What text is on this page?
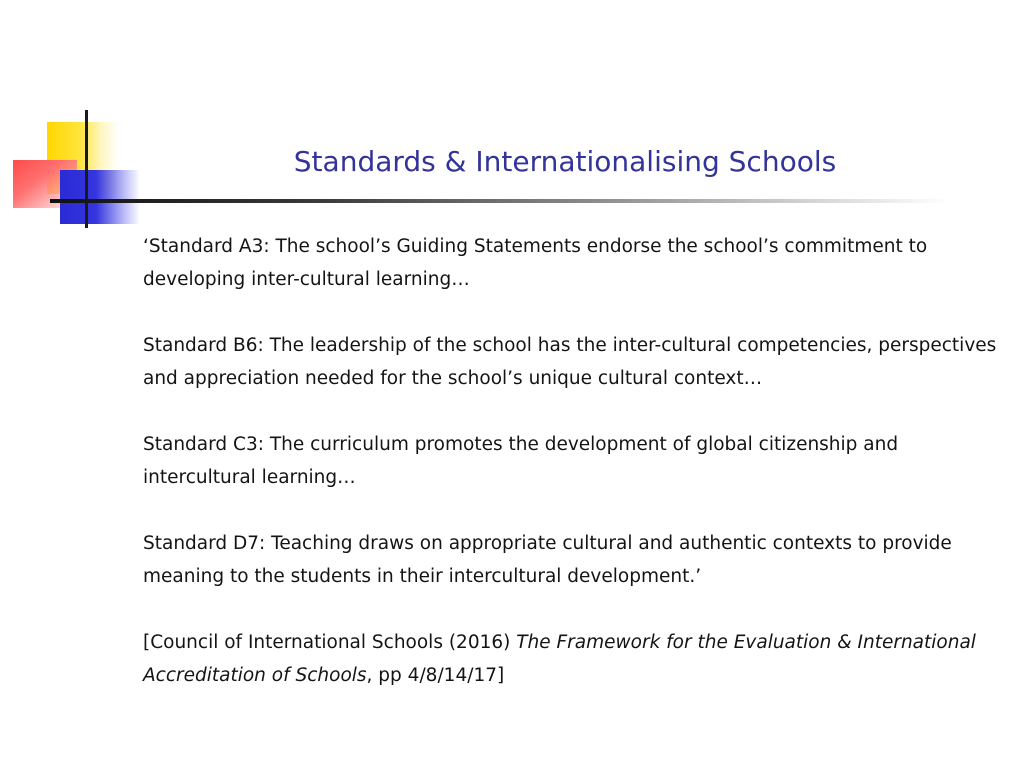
Standards & Internationalising Schools

‘Standard A3: The school’s Guiding Statements endorse the school’s commitment to developing inter-cultural learning…

Standard B6: The leadership of the school has the inter-cultural competencies, perspectives and appreciation needed for the school’s unique cultural context…

Standard C3: The curriculum promotes the development of global citizenship and intercultural learning…

Standard D7: Teaching draws on appropriate cultural and authentic contexts to provide meaning to the students in their intercultural development.’

[Council of International Schools (2016) The Framework for the Evaluation & International Accreditation of Schools, pp 4/8/14/17]
